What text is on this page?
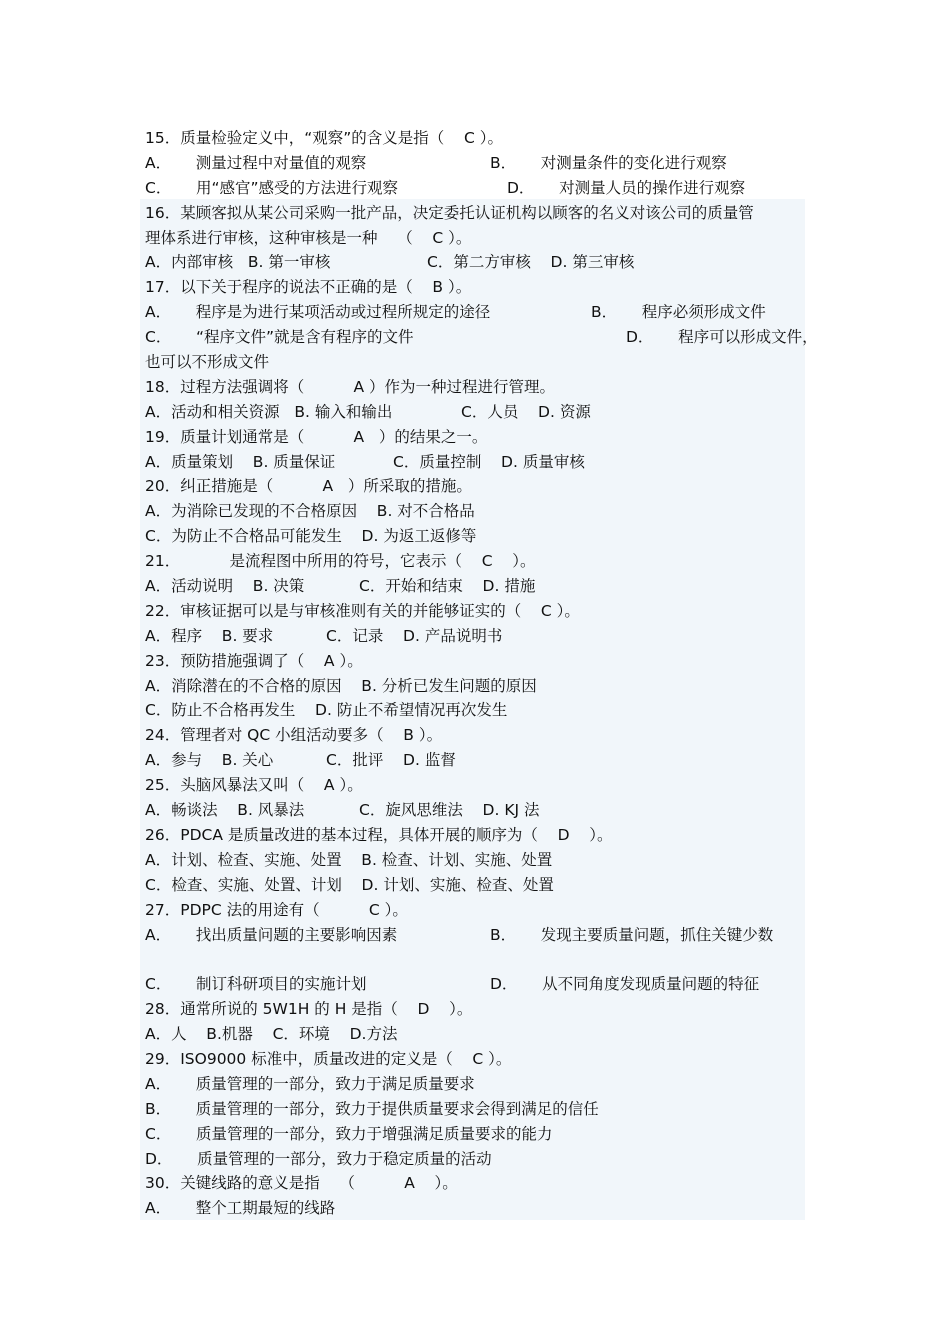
15．质量检验定义中，“观察”的含义是指（    C ）。
A．     测量过程中对量值的观察	B．     对测量条件的变化进行观察
C．     用“感官”感受的方法进行观察	D．     对测量人员的操作进行观察
16．某顾客拟从某公司采购一批产品，决定委托认证机构以顾客的名义对该公司的质量管
理体系进行审核，这种审核是一种    （    C ）。
A．内部审核   B. 第一审核	C．第二方审核    D. 第三审核
17．以下关于程序的说法不正确的是（    B ）。
A．     程序是为进行某项活动或过程所规定的途径	B．     程序必须形成文件
C．     “程序文件”就是含有程序的文件	D．     程序可以形成文件，
也可以不形成文件
18．过程方法强调将（          A ）作为一种过程进行管理。
A．活动和相关资源   B. 输入和输出	C．人员    D. 资源
19．质量计划通常是（          A   ）的结果之一。
A．质量策划    B. 质量保证	C．质量控制    D. 质量审核
20．纠正措施是（          A   ）所采取的措施。
A．为消除已发现的不合格原因    B. 对不合格品
C．为防止不合格品可能发生    D. 为返工返修等
21．          是流程图中所用的符号，它表示（    C    ）。
A．活动说明    B. 决策	C．开始和结束    D. 措施
22．审核证据可以是与审核准则有关的并能够证实的（    C ）。
A．程序    B. 要求	C．记录    D. 产品说明书
23．预防措施强调了（    A ）。
A．消除潜在的不合格的原因    B. 分析已发生问题的原因
C．防止不合格再发生    D. 防止不希望情况再次发生
24．管理者对 QC 小组活动要多（    B ）。
A．参与    B. 关心	C．批评    D. 监督
25．头脑风暴法又叫（    A ）。
A．畅谈法    B. 风暴法	C．旋风思维法    D. KJ 法
26．PDCA 是质量改进的基本过程，具体开展的顺序为（    D    ）。
A．计划、检查、实施、处置    B. 检查、计划、实施、处置
C．检查、实施、处置、计划    D. 计划、实施、检查、处置
27．PDPC 法的用途有（          C ）。
A．     找出质量问题的主要影响因素	B．     发现主要质量问题，抓住关键少数
C．     制订科研项目的实施计划	D．     从不同角度发现质量问题的特征
28．通常所说的 5W1H 的 H 是指（    D    ）。
A．人    B.机器    C．环境    D.方法
29．ISO9000 标准中，质量改进的定义是（    C ）。
A．     质量管理的一部分，致力于满足质量要求
B．     质量管理的一部分，致力于提供质量要求会得到满足的信任
C．     质量管理的一部分，致力于增强满足质量要求的能力
D．     质量管理的一部分，致力于稳定质量的活动
30．关键线路的意义是指    （          A    ）。
A．     整个工期最短的线路
